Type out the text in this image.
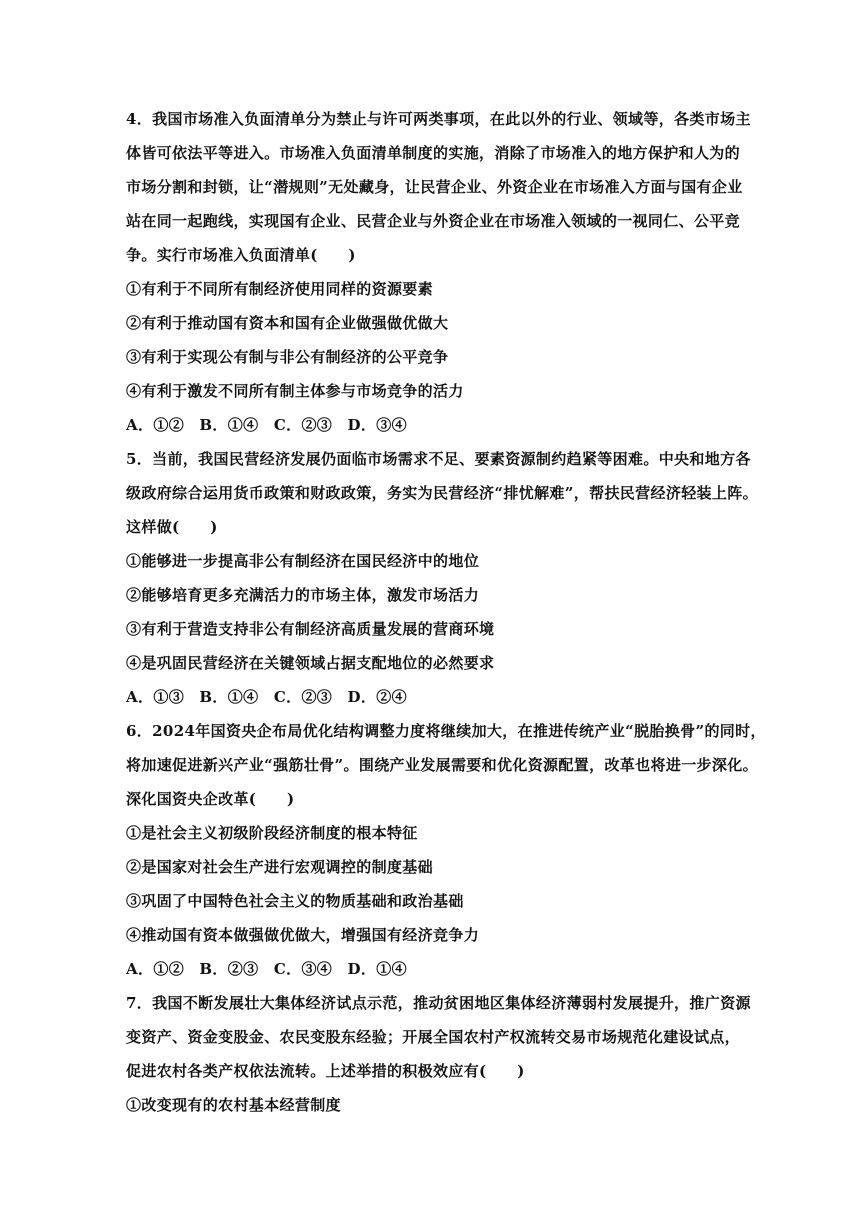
4．我国市场准入负面清单分为禁止与许可两类事项，在此以外的行业、领域等，各类市场主
体皆可依法平等进入。市场准入负面清单制度的实施，消除了市场准入的地方保护和人为的
市场分割和封锁，让“潜规则”无处藏身，让民营企业、外资企业在市场准入方面与国有企业
站在同一起跑线，实现国有企业、民营企业与外资企业在市场准入领域的一视同仁、公平竞
争。实行市场准入负面清单(　　)
①有利于不同所有制经济使用同样的资源要素
②有利于推动国有资本和国有企业做强做优做大
③有利于实现公有制与非公有制经济的公平竞争
④有利于激发不同所有制主体参与市场竞争的活力
A．①②　B．①④　C．②③　D．③④
5．当前，我国民营经济发展仍面临市场需求不足、要素资源制约趋紧等困难。中央和地方各
级政府综合运用货币政策和财政政策，务实为民营经济“排忧解难”，帮扶民营经济轻装上阵。
这样做(　　)
①能够进一步提高非公有制经济在国民经济中的地位
②能够培育更多充满活力的市场主体，激发市场活力
③有利于营造支持非公有制经济高质量发展的营商环境
④是巩固民营经济在关键领域占据支配地位的必然要求
A．①③　B．①④　C．②③　D．②④
6．2024年国资央企布局优化结构调整力度将继续加大，在推进传统产业“脱胎换骨”的同时，
将加速促进新兴产业“强筋壮骨”。围绕产业发展需要和优化资源配置，改革也将进一步深化。
深化国资央企改革(　　)
①是社会主义初级阶段经济制度的根本特征
②是国家对社会生产进行宏观调控的制度基础
③巩固了中国特色社会主义的物质基础和政治基础
④推动国有资本做强做优做大，增强国有经济竞争力
A．①②　B．②③　C．③④　D．①④
7．我国不断发展壮大集体经济试点示范，推动贫困地区集体经济薄弱村发展提升，推广资源
变资产、资金变股金、农民变股东经验；开展全国农村产权流转交易市场规范化建设试点，
促进农村各类产权依法流转。上述举措的积极效应有(　　)
①改变现有的农村基本经营制度
